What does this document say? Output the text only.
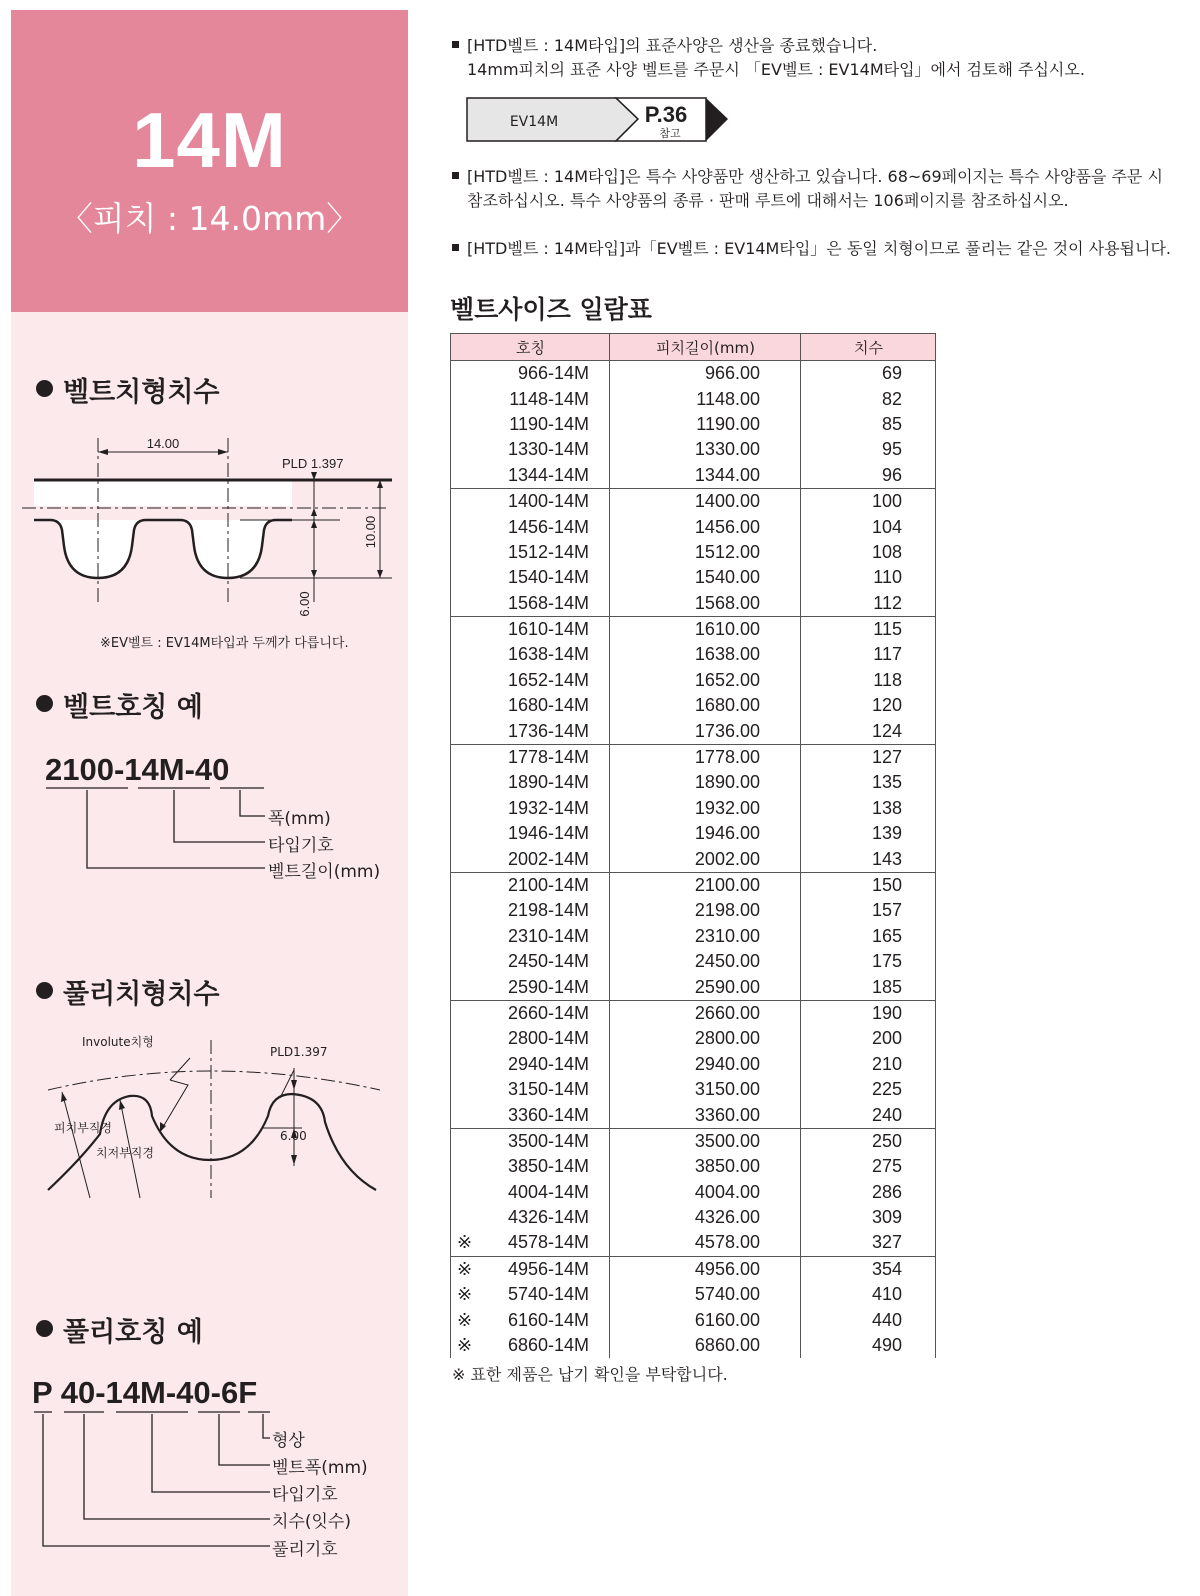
14M
〈피치 : 14.0mm〉
벨트치형치수
14.00
PLD 1.397
10.00
6.00
※EV벨트 : EV14M타입과 두께가 다릅니다.
벨트호칭 예
2100-14M-40
폭(mm)
타입기호
벨트길이(mm)
풀리치형치수
Involute치형
PLD1.397
6.00
피치부직경
치저부직경
풀리호칭 예
P 40-14M-40-6F
형상
벨트폭(mm)
타입기호
치수(잇수)
풀리기호
[HTD벨트 : 14M타입]의 표준사양은 생산을 종료했습니다.
14mm피치의 표준 사양 벨트를 주문시 「EV벨트 : EV14M타입」에서 검토해 주십시오.
EV14M	P.36
참고
[HTD벨트 : 14M타입]은 특수 사양품만 생산하고 있습니다. 68~69페이지는 특수 사양품을 주문 시
참조하십시오. 특수 사양품의 종류 · 판매 루트에 대해서는 106페이지를 참조하십시오.
[HTD벨트 : 14M타입]과「EV벨트 : EV14M타입」은 동일 치형이므로 풀리는 같은 것이 사용됩니다.
벨트사이즈 일람표
호칭	피치길이(mm)	치수

966-14M	966.00	69

1148-14M	1148.00	82

1190-14M	1190.00	85

1330-14M	1330.00	95

1344-14M	1344.00	96

1400-14M	1400.00	100

1456-14M	1456.00	104

1512-14M	1512.00	108

1540-14M	1540.00	110

1568-14M	1568.00	112

1610-14M	1610.00	115

1638-14M	1638.00	117

1652-14M	1652.00	118

1680-14M	1680.00	120

1736-14M	1736.00	124

1778-14M	1778.00	127

1890-14M	1890.00	135

1932-14M	1932.00	138

1946-14M	1946.00	139

2002-14M	2002.00	143

2100-14M	2100.00	150

2198-14M	2198.00	157

2310-14M	2310.00	165

2450-14M	2450.00	175

2590-14M	2590.00	185

2660-14M	2660.00	190

2800-14M	2800.00	200

2940-14M	2940.00	210

3150-14M	3150.00	225

3360-14M	3360.00	240

3500-14M	3500.00	250

3850-14M	3850.00	275

4004-14M	4004.00	286

4326-14M	4326.00	309

※ 4578-14M	4578.00	327

※ 4956-14M	4956.00	354

※ 5740-14M	5740.00	410

※ 6160-14M	6160.00	440

※ 6860-14M	6860.00	490
※ 표한 제품은 납기 확인을 부탁합니다.
